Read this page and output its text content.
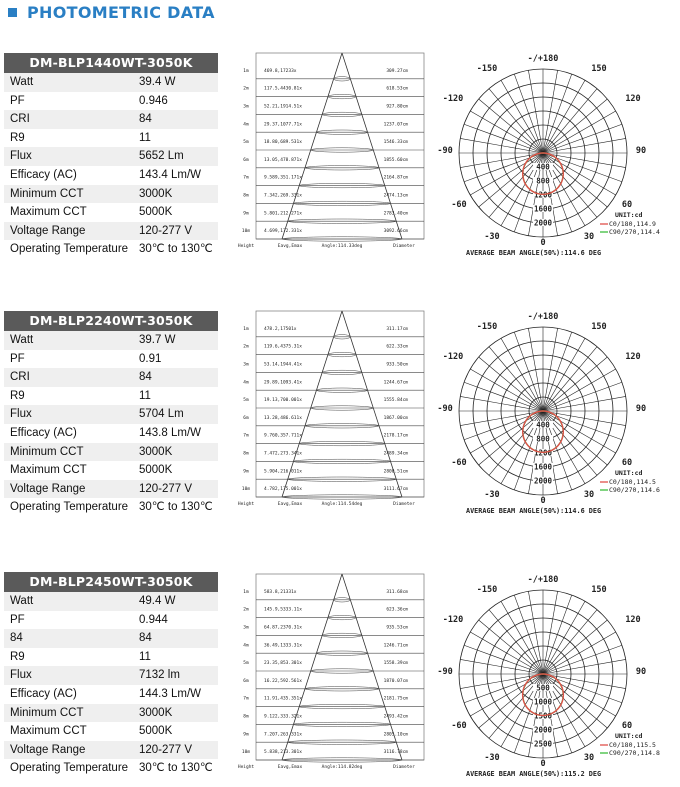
PHOTOMETRIC DATA
DM-BLP1440WT-3050K
Watt	39.4 W
PF	0.946
CRI	84
R9	11
Flux	5652 Lm
Efficacy (AC)	143.4 Lm/W
Minimum CCT	3000K
Maximum CCT	5000K
Voltage Range	120-277 V
Operating Temperature 30℃ to 130℃
1m	469.8,17233x	309.27cm
2m	117.5,4430.81x	618.53cm
3m	52.21,1914.51x	927.80cm
4m	29.37,1077.71x	1237.07cm
5m	18.80,689.531x	1546.33cm
6m	13.05,478.871x	1855.60cm
7m	9.589,351.171x	2164.87cm
8m	7.342,269.331x	2474.13cm
9m	5.801,212.271x	2783.40cm
10m	4.699,172.331x	3092.66cm
Height	Eavg,Emax	Angle:114.33deg	Diameter
400
800
1200
1600
2000
-/+180
-150	150
-120	120
-90	90
-60	60
-30	30
0
UNIT:cd
C0/180,114.9
C90/270,114.4
AVERAGE BEAM ANGLE(50%):114.6 DEG
DM-BLP2240WT-3050K
Watt	39.7 W
PF	0.91
CRI	84
R9	11
Flux	5704 Lm
Efficacy (AC)	143.8 Lm/W
Minimum CCT	3000K
Maximum CCT	5000K
Voltage Range	120-277 V
Operating Temperature 30℃ to 130℃
1m	478.2,17501x	311.17cm
2m	119.6,4375.31x	622.33cm
3m	53.14,1944.41x	933.50cm
4m	29.89,1093.41x	1244.67cm
5m	19.13,700.001x	1555.84cm
6m	13.28,486.611x	1867.00cm
7m	9.760,357.711x	2178.17cm
8m	7.472,273.341x	2489.34cm
9m	5.904,216.011x	2800.51cm
10m	4.782,175.001x	3111.67cm
Height	Eavg,Emax	Angle:114.54deg	Diameter
400
800
1200
1600
2000
-/+180
-150	150
-120	120
-90	90
-60	60
-30	30
0
UNIT:cd
C0/180,114.5
C90/270,114.6
AVERAGE BEAM ANGLE(50%):114.6 DEG
DM-BLP2450WT-3050K
Watt	49.4 W
PF	0.944
84	84
R9	11
Flux	7132 lm
Efficacy (AC)	144.3 Lm/W
Minimum CCT	3000K
Maximum CCT	5000K
Voltage Range	120-277 V
Operating Temperature 30℃ to 130℃
1m	583.8,21331x	311.68cm
2m	145.9,5333.11x	623.36cm
3m	64.87,2370.31x	935.53cm
4m	36.49,1333.31x	1246.71cm
5m	23.35,853.301x	1558.39cm
6m	16.22,592.561x	1870.07cm
7m	11.91,435.351x	2181.75cm
8m	9.122,333.321x	2493.42cm
9m	7.207,263.331x	2805.10cm
10m	5.838,213.301x	3116.78cm
Height	Eavg,Emax	Angle:114.82deg	Diameter
500
1000
1500
2000
2500
-/+180
-150	150
-120	120
-90	90
-60	60
-30	30
0
UNIT:cd
C0/180,115.5
C90/270,114.8
AVERAGE BEAM ANGLE(50%):115.2 DEG
